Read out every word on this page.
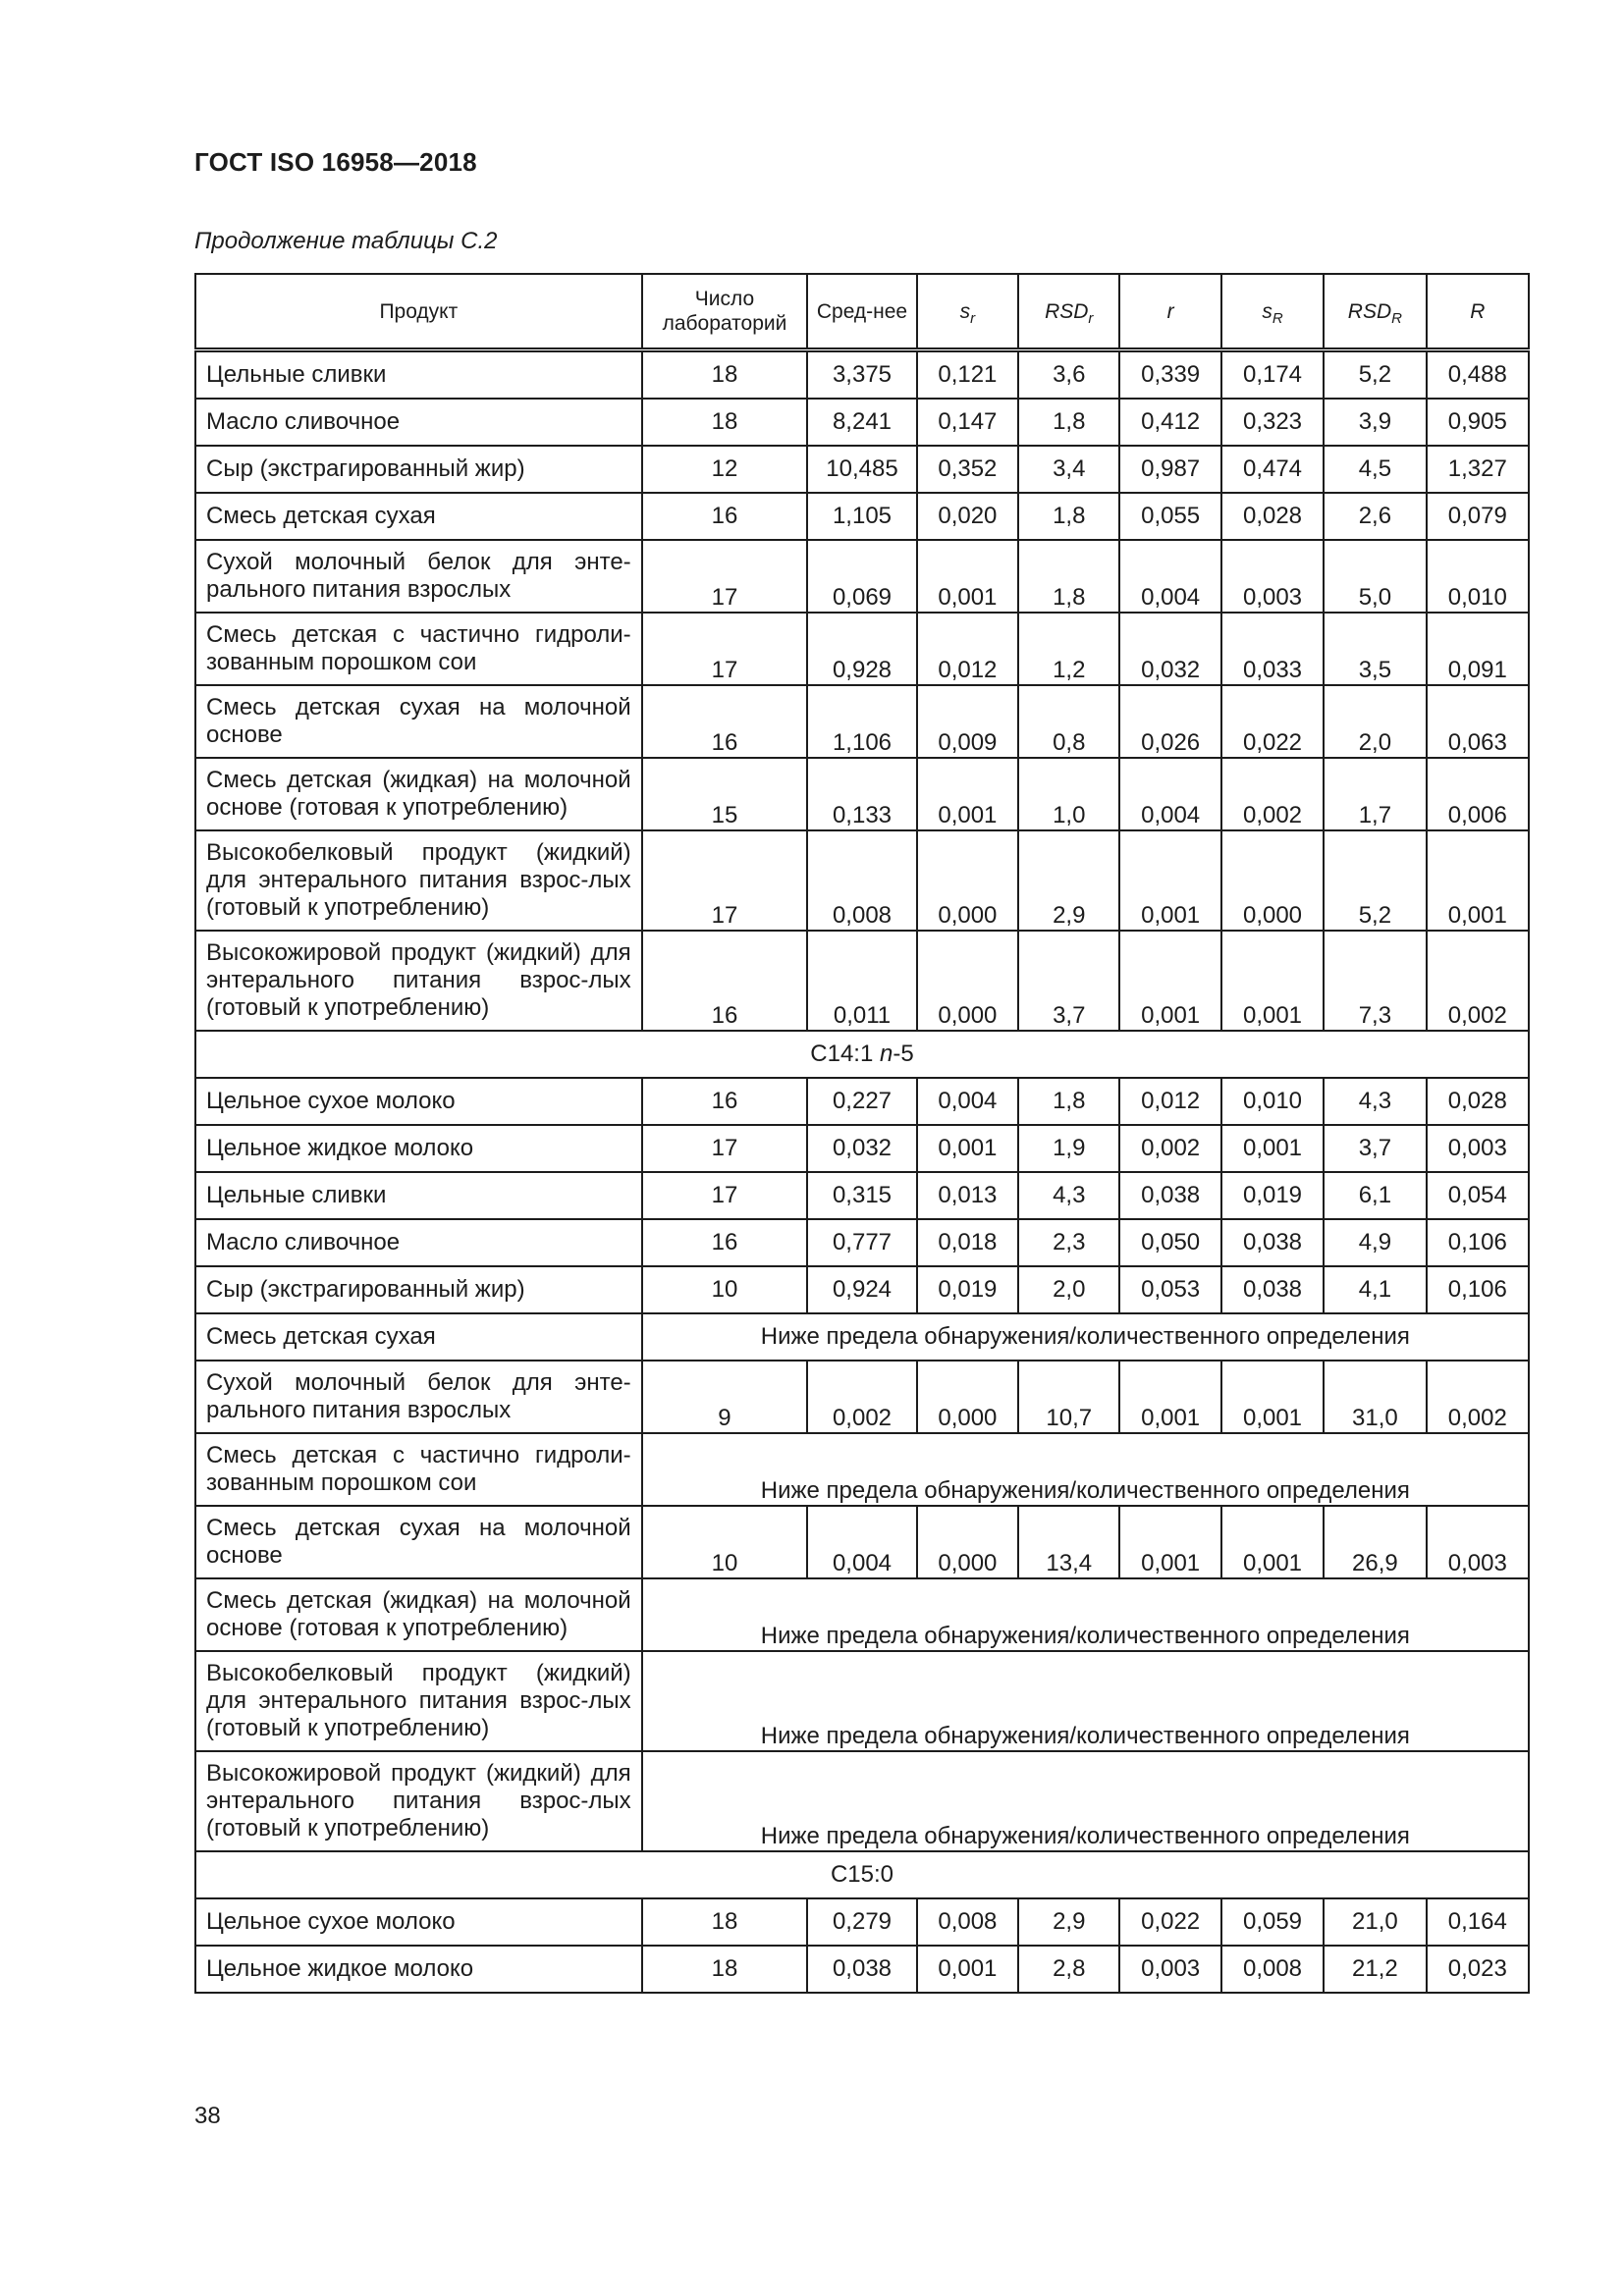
ГОСТ ISO 16958—2018
Продолжение таблицы С.2
Продукт	Число лабораторий	Сред-нее	$s_r$	$RSD_r$	r	$s_R$	$RSD_R$	R
Цельные сливки	18	3,375	0,121	3,6	0,339	0,174	5,2	0,488
Масло сливочное	18	8,241	0,147	1,8	0,412	0,323	3,9	0,905
Сыр (экстрагированный жир)	12	10,485	0,352	3,4	0,987	0,474	4,5	1,327
Смесь детская сухая	16	1,105	0,020	1,8	0,055	0,028	2,6	0,079
Сухой молочный белок для энте-рального питания взрослых	17	0,069	0,001	1,8	0,004	0,003	5,0	0,010
Смесь детская с частично гидроли-зованным порошком сои	17	0,928	0,012	1,2	0,032	0,033	3,5	0,091
Смесь детская сухая на молочной основе	16	1,106	0,009	0,8	0,026	0,022	2,0	0,063
Смесь детская (жидкая) на молочной основе (готовая к употреблению)	15	0,133	0,001	1,0	0,004	0,002	1,7	0,006
Высокобелковый продукт (жидкий) для энтерального питания взрос-лых (готовый к употреблению)	17	0,008	0,000	2,9	0,001	0,000	5,2	0,001
Высокожировой продукт (жидкий) для энтерального питания взрос-лых (готовый к употреблению)	16	0,011	0,000	3,7	0,001	0,001	7,3	0,002
C14:1 n-5								
Цельное сухое молоко	16	0,227	0,004	1,8	0,012	0,010	4,3	0,028
Цельное жидкое молоко	17	0,032	0,001	1,9	0,002	0,001	3,7	0,003
Цельные сливки	17	0,315	0,013	4,3	0,038	0,019	6,1	0,054
Масло сливочное	16	0,777	0,018	2,3	0,050	0,038	4,9	0,106
Сыр (экстрагированный жир)	10	0,924	0,019	2,0	0,053	0,038	4,1	0,106
Смесь детская сухая	Ниже предела обнаружения/количественного определения							
Сухой молочный белок для энте-рального питания взрослых	9	0,002	0,000	10,7	0,001	0,001	31,0	0,002
Смесь детская с частично гидроли-зованным порошком сои	Ниже предела обнаружения/количественного определения							
Смесь детская сухая на молочной основе	10	0,004	0,000	13,4	0,001	0,001	26,9	0,003
Смесь детская (жидкая) на молочной основе (готовая к употреблению)	Ниже предела обнаружения/количественного определения							
Высокобелковый продукт (жидкий) для энтерального питания взрос-лых (готовый к употреблению)	Ниже предела обнаружения/количественного определения							
Высокожировой продукт (жидкий) для энтерального питания взрос-лых (готовый к употреблению)	Ниже предела обнаружения/количественного определения							
C15:0								
Цельное сухое молоко	18	0,279	0,008	2,9	0,022	0,059	21,0	0,164
Цельное жидкое молоко	18	0,038	0,001	2,8	0,003	0,008	21,2	0,023
38
